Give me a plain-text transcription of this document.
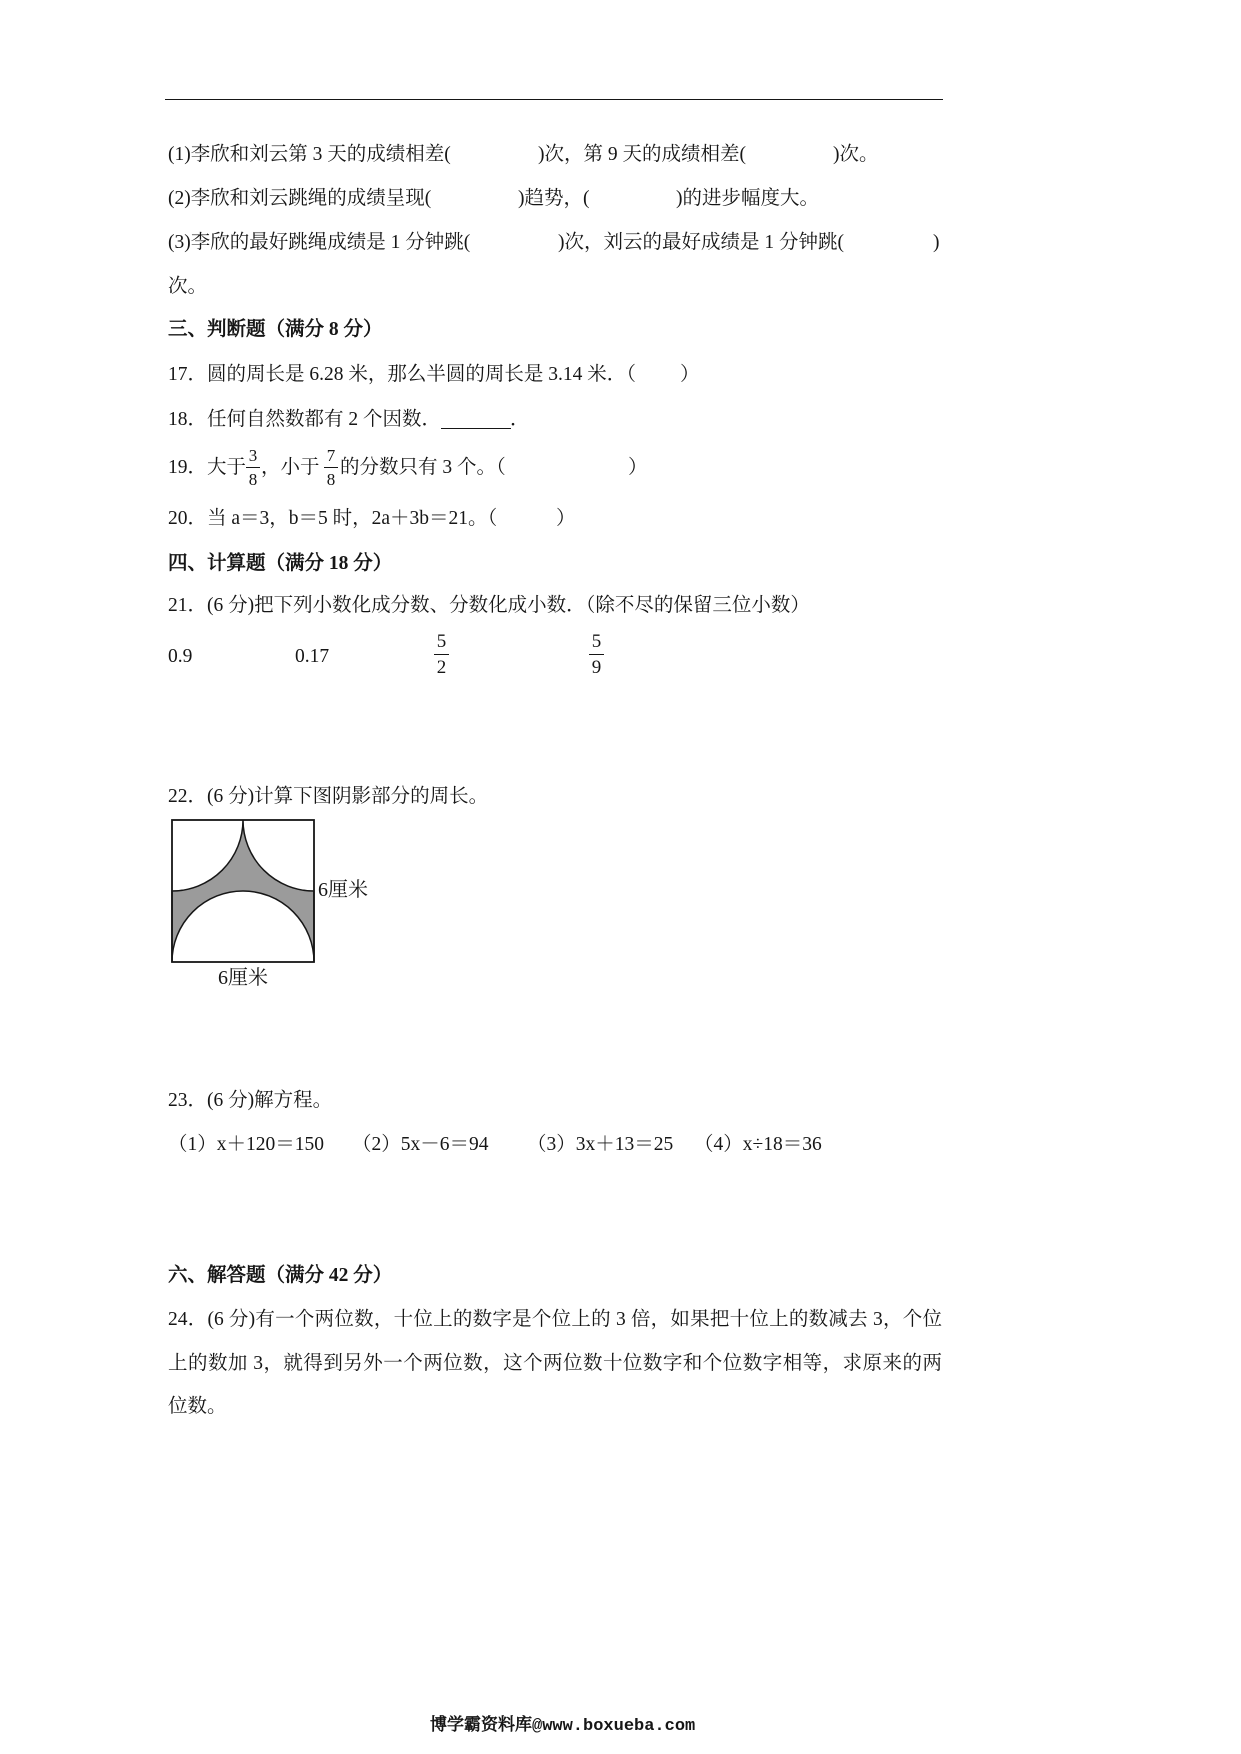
(1)李欣和刘云第 3 天的成绩相差(	)次，第 9 天的成绩相差(	)次。
(2)李欣和刘云跳绳的成绩呈现(	)趋势，(	)的进步幅度大。
(3)李欣的最好跳绳成绩是 1 分钟跳(	)次，刘云的最好成绩是 1 分钟跳(	)
次。
三、判断题（满分 8 分）
17．圆的周长是 6.28 米，那么半圆的周长是 3.14 米．（ ）
18．任何自然数都有 2 个因数．	．
19．大于 $\frac{3}{8}$ ，小于 $\frac{7}{8}$ 的分数只有 3 个。（	）
20．当 a＝3，b＝5 时，2a＋3b＝21。（	）
四、计算题（满分 18 分）
21．(6 分)把下列小数化成分数、分数化成小数．（除不尽的保留三位小数）
0.9	0.17	$\frac{5}{2}$	$\frac{5}{9}$
22．(6 分)计算下图阴影部分的周长。
6厘米
6厘米
23．(6 分)解方程。
（1）x＋120＝150 （2）5x－6＝94 （3）3x＋13＝25 （4）x÷18＝36
六、解答题（满分 42 分）
24．(6 分)有一个两位数，十位上的数字是个位上的 3 倍，如果把十位上的数减去 3，个位
上的数加 3，就得到另外一个两位数，这个两位数十位数字和个位数字相等，求原来的两
位数。
博学霸资料库@www.boxueba.com
